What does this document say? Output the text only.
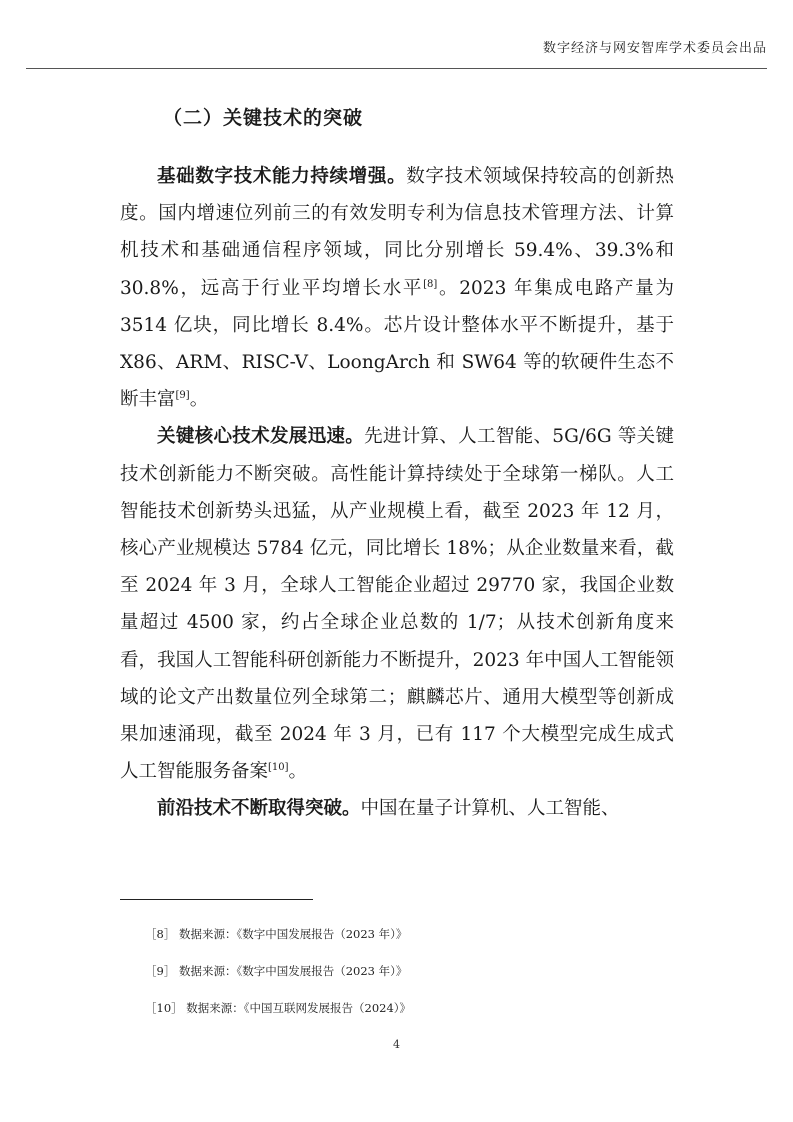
数字经济与网安智库学术委员会出品
（二）关键技术的突破

基础数字技术能力持续增强。数字技术领域保持较高的创新热度。国内增速位列前三的有效发明专利为信息技术管理方法、计算机技术和基础通信程序领域，同比分别增长 59.4%、39.3%和 30.8%，远高于行业平均增长水平[8]。2023 年集成电路产量为 3514 亿块，同比增长 8.4%。芯片设计整体水平不断提升，基于 X86、ARM、RISC-V、LoongArch 和 SW64 等的软硬件生态不断丰富[9]。

关键核心技术发展迅速。先进计算、人工智能、5G/6G 等关键技术创新能力不断突破。高性能计算持续处于全球第一梯队。人工智能技术创新势头迅猛，从产业规模上看，截至 2023 年 12 月，核心产业规模达 5784 亿元，同比增长 18%；从企业数量来看，截至 2024 年 3 月，全球人工智能企业超过 29770 家，我国企业数量超过 4500 家，约占全球企业总数的 1/7；从技术创新角度来看，我国人工智能科研创新能力不断提升，2023 年中国人工智能领域的论文产出数量位列全球第二；麒麟芯片、通用大模型等创新成果加速涌现，截至 2024 年 3 月，已有 117 个大模型完成生成式人工智能服务备案[10]。

前沿技术不断取得突破。中国在量子计算机、人工智能、

［8］ 数据来源：《数字中国发展报告（2023 年）》
［9］ 数据来源：《数字中国发展报告（2023 年）》
［10］ 数据来源：《中国互联网发展报告（2024）》
4
